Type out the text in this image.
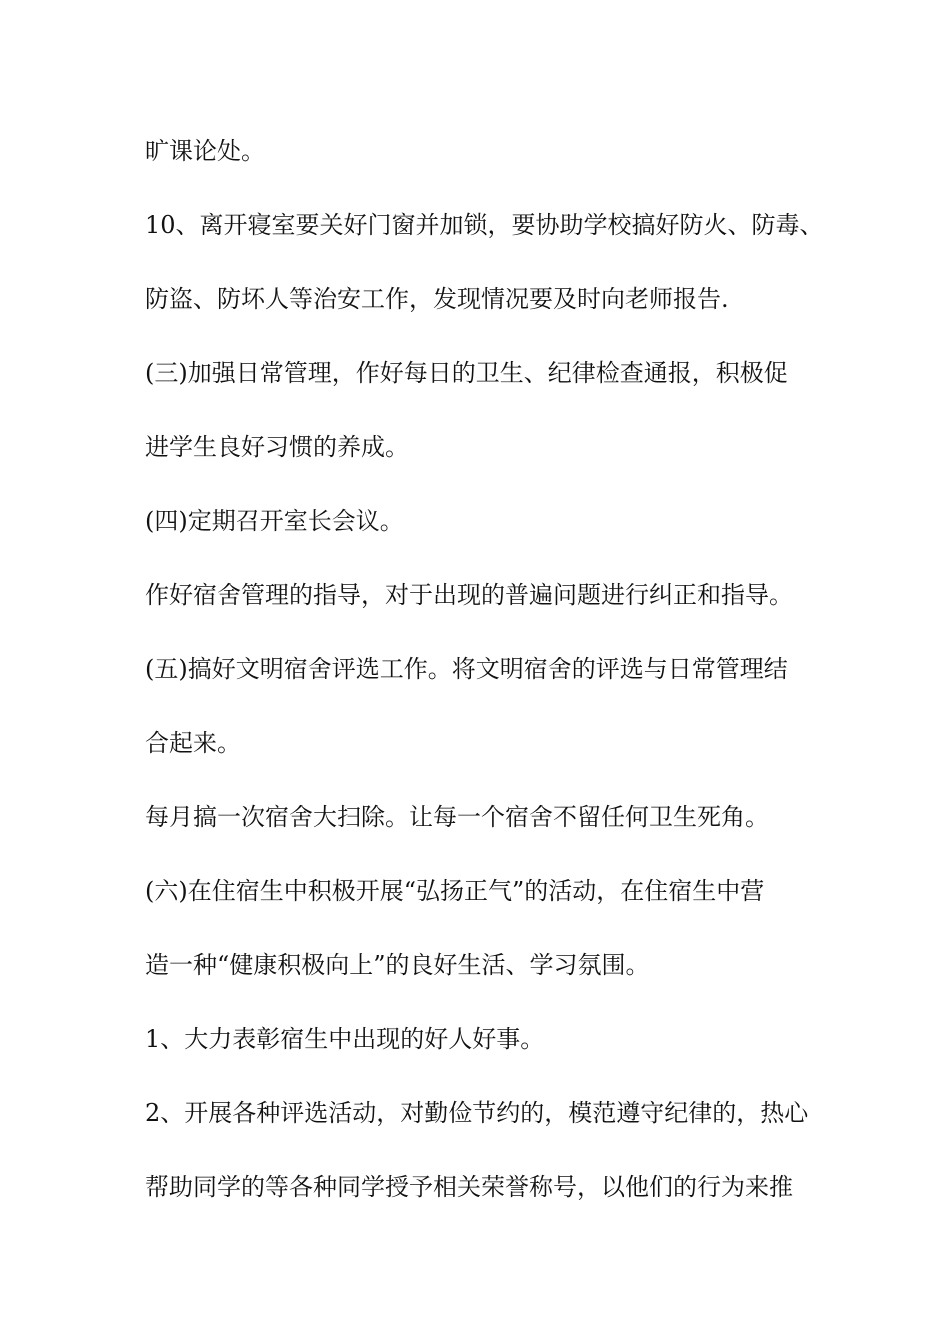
旷课论处。

10、离开寝室要关好门窗并加锁，要协助学校搞好防火、防毒、

防盗、防坏人等治安工作，发现情况要及时向老师报告.

(三)加强日常管理，作好每日的卫生、纪律检查通报，积极促

进学生良好习惯的养成。

(四)定期召开室长会议。

作好宿舍管理的指导，对于出现的普遍问题进行纠正和指导。

(五)搞好文明宿舍评选工作。将文明宿舍的评选与日常管理结

合起来。

每月搞一次宿舍大扫除。让每一个宿舍不留任何卫生死角。

(六)在住宿生中积极开展“弘扬正气”的活动，在住宿生中营

造一种“健康积极向上”的良好生活、学习氛围。

1、大力表彰宿生中出现的好人好事。

2、开展各种评选活动，对勤俭节约的，模范遵守纪律的，热心

帮助同学的等各种同学授予相关荣誉称号，以他们的行为来推
